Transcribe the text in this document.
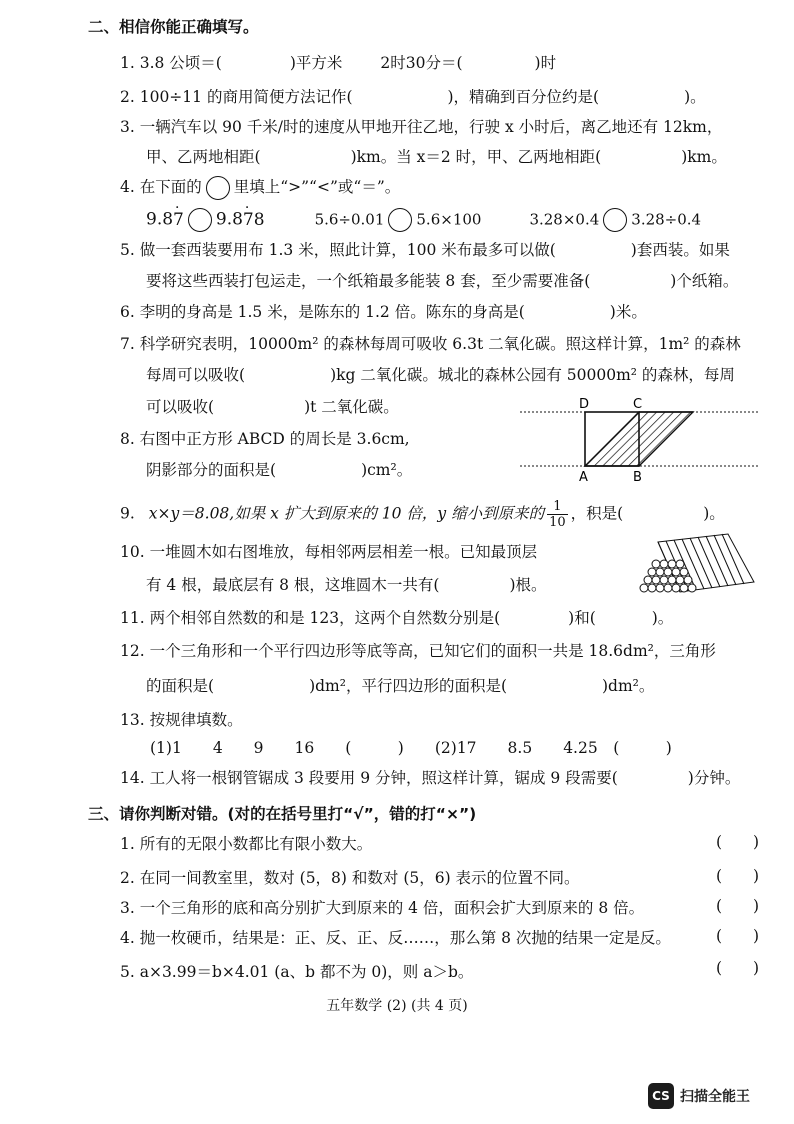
二、相信你能正确填写。
1. 3.8 公顷＝(	)平方米 2时30分＝(	)时
2. 100÷11 的商用简便方法记作(	)，精确到百分位约是(	)。
3. 一辆汽车以 90 千米/时的速度从甲地开往乙地，行驶 x 小时后，离乙地还有 12km，
甲、乙两地相距(	)km。当 x＝2 时，甲、乙两地相距(	)km。
4. 在下面的 里填上“>”“<”或“＝”。
9.8· 7 9.8· 78	5.6÷0.01 5.6×100	3.28×0.4 3.28÷0.4
5. 做一套西装要用布 1.3 米，照此计算，100 米布最多可以做(	)套西装。如果
要将这些西装打包运走，一个纸箱最多能装 8 套，至少需要准备(	)个纸箱。
6. 李明的身高是 1.5 米，是陈东的 1.2 倍。陈东的身高是(	)米。
7. 科学研究表明，10000m² 的森林每周可吸收 6.3t 二氧化碳。照这样计算，1m² 的森林
每周可以吸收(	)kg 二氧化碳。城北的森林公园有 50000m² 的森林，每周
可以吸收(	)t 二氧化碳。
8. 右图中正方形 ABCD 的周长是 3.6cm,
阴影部分的面积是(	)cm²。
D	C
A	B
9. x×y＝8.08,如果 x 扩大到原来的 10 倍，y 缩小到原来的 $\frac{1}{10}$ ，积是(	)。
10. 一堆圆木如右图堆放，每相邻两层相差一根。已知最顶层
有 4 根，最底层有 8 根，这堆圆木一共有(	)根。
11. 两个相邻自然数的和是 123，这两个自然数分别是(	)和(	)。
12. 一个三角形和一个平行四边形等底等高，已知它们的面积一共是 18.6dm²，三角形
的面积是(	)dm²，平行四边形的面积是(	)dm²。
13. 按规律填数。
(1)1　　4　　9　　16　　(　　　)　　(2)17　　8.5　　4.25　(　　　)
14. 工人将一根钢管锯成 3 段要用 9 分钟，照这样计算，锯成 9 段需要(	)分钟。
三、请你判断对错。(对的在括号里打“√”，错的打“×”)
1. 所有的无限小数都比有限小数大。	(　　)
2. 在同一间教室里，数对 (5，8) 和数对 (5，6) 表示的位置不同。	(　　)
3. 一个三角形的底和高分别扩大到原来的 4 倍，面积会扩大到原来的 8 倍。	(　　)
4. 抛一枚硬币，结果是：正、反、正、反……，那么第 8 次抛的结果一定是反。	(　　)
5. a×3.99＝b×4.01 (a、b 都不为 0)，则 a＞b。	(　　)
五年数学 (2) (共 4 页)
CS 扫描全能王
